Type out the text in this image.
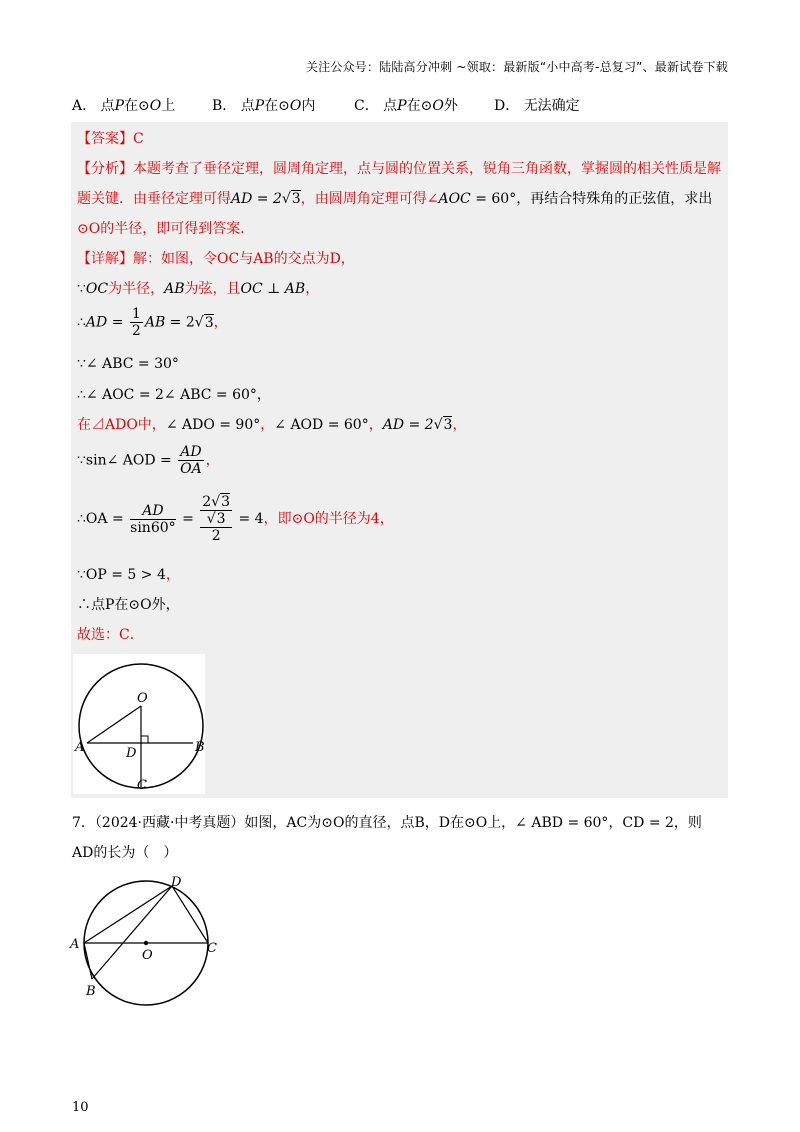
关注公众号：陆陆高分冲刺 ~领取：最新版“小中高考-总复习”、最新试卷下载
A． 点P在⊙O上	B． 点P在⊙O内	C． 点P在⊙O外	D． 无法确定
【答案】C
【分析】本题考查了垂径定理，圆周角定理，点与圆的位置关系，锐角三角函数，掌握圆的相关性质是解
题关键．由垂径定理可得AD = 2√3，由圆周角定理可得∠AOC = 60°，再结合特殊角的正弦值，求出
⊙O的半径，即可得到答案．
【详解】解：如图，令OC与AB的交点为D，
∵OC为半径，AB为弦，且OC ⊥ AB，
∴AD = $\frac{1}{2}$ AB = 2√3，
∵∠ ABC = 30°
∴∠ AOC = 2∠ ABC = 60°，
在⊿ADO中，∠ ADO = 90°，∠ AOD = 60°，AD = 2√3，
∵sin∠ AOD = $\frac{AD}{OA}$ ，
∴OA = $\frac{AD}{\sin 60^\circ} = 2√3$
√3
2 = 4，即⊙O的半径为4，
∵OP = 5 > 4，
∴点P在⊙O外，
故选：C．
O
A	B
D
C
7．（2024·西藏·中考真题）如图，AC为⊙O的直径，点B，D在⊙O上，∠ ABD = 60°，CD = 2，则
AD的长为（　）
A
B
C
D
O
10
